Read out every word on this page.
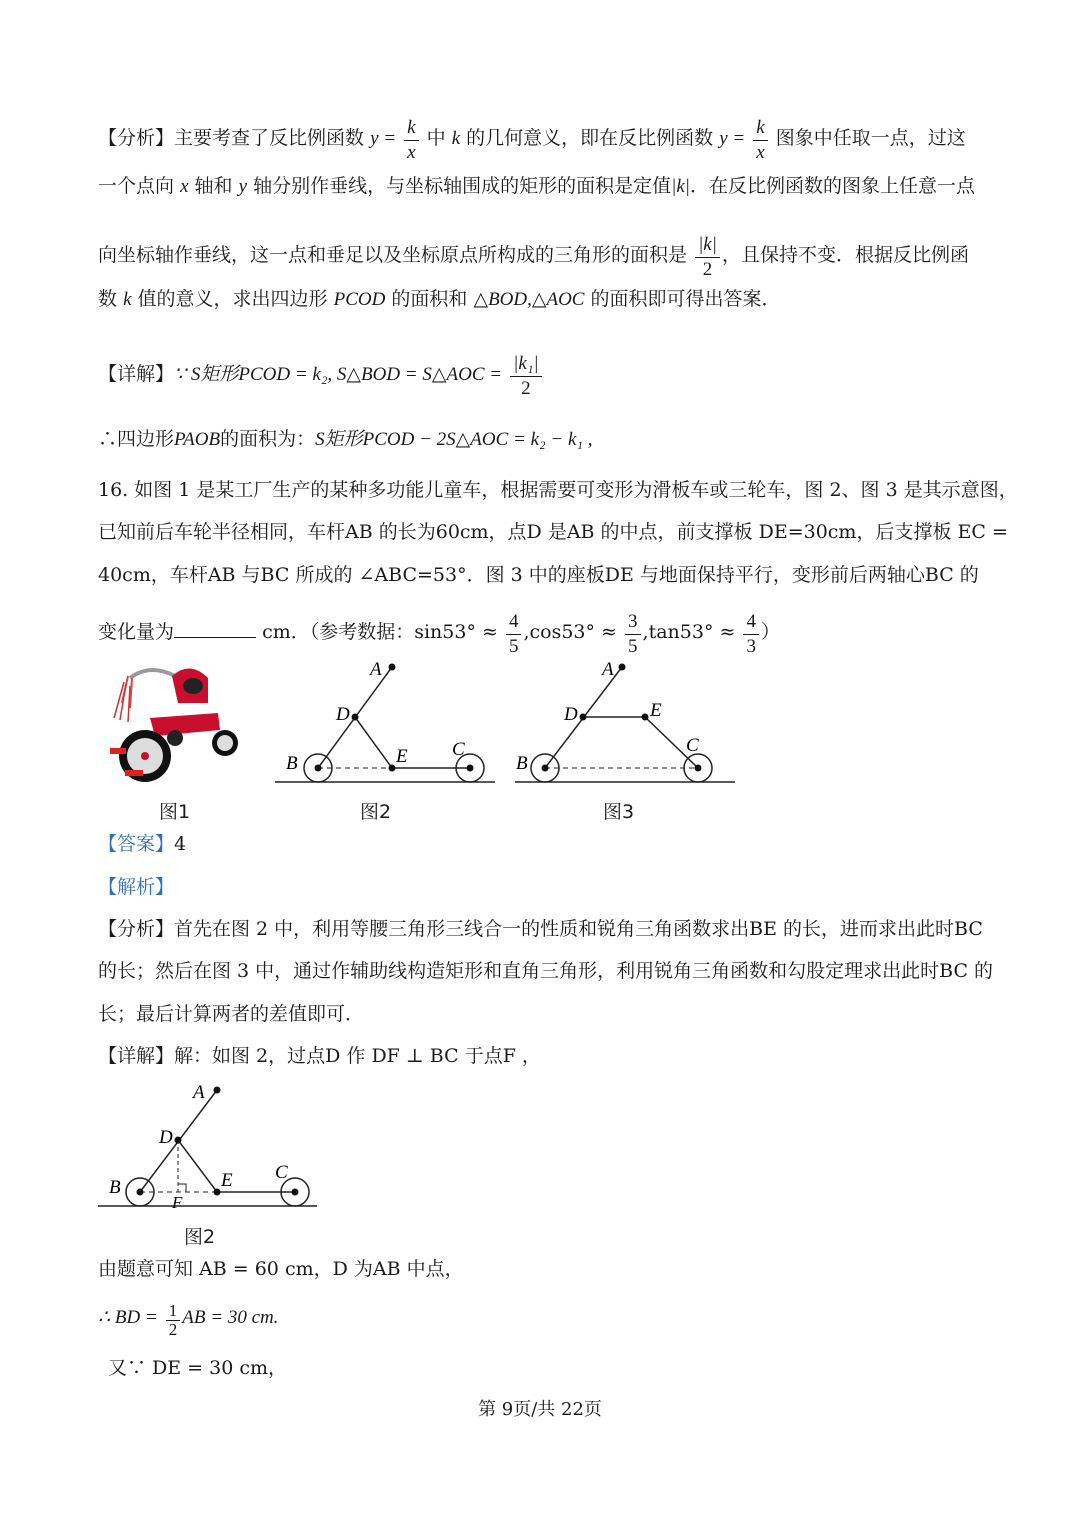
【分析】主要考查了反比例函数 $y = \frac{k}{x}$ 中 k 的几何意义，即在反比例函数 $y = \frac{k}{x}$ 图象中任取一点，过这
一个点向 x 轴和 y 轴分别作垂线，与坐标轴围成的矩形的面积是定值|k|．在反比例函数的图象上任意一点
向坐标轴作垂线，这一点和垂足以及坐标原点所构成的三角形的面积是 $\frac{|k|}{2}$ ，且保持不变．根据反比例函
数 k 值的意义，求出四边形 PCOD 的面积和 △BOD,△AOC 的面积即可得出答案．
【详解】∵ S矩形PCOD = k₂, S△BOD = S△AOC = $\frac{\text{|k₁|}}{2}$
∴四边形PAOB的面积为：S矩形PCOD − 2S△AOC = k₂ − k₁ ,
16. 如图 1 是某工厂生产的某种多功能儿童车，根据需要可变形为滑板车或三轮车，图 2、图 3 是其示意图，
已知前后车轮半径相同，车杆AB 的长为60cm，点D 是AB 的中点，前支撑板 DE=30cm，后支撑板 EC =
40cm，车杆AB 与BC 所成的 ∠ABC=53°．图 3 中的座板DE 与地面保持平行，变形前后两轴心BC 的
变化量为	cm．（参考数据：$\sin 53^\circ \approx \frac{4}{5} ,\cos 53^\circ \approx \frac{3}{5} ,\tan 53^\circ \approx \frac{4}{3}$ ）
图1
A
D
B	E C
图2
A
D	E
B
C
图3
【答案】4
【解析】
【分析】首先在图 2 中，利用等腰三角形三线合一的性质和锐角三角函数求出BE 的长，进而求出此时BC
的长；然后在图 3 中，通过作辅助线构造矩形和直角三角形，利用锐角三角函数和勾股定理求出此时BC 的
长；最后计算两者的差值即可．
【详解】解：如图 2，过点D 作 DF ⊥ BC 于点F ，
A
D
B	E C
F
图2
由题意可知 AB = 60 cm，D 为AB 中点，
∴ BD = $\frac{1}{2}$ AB = 30 cm.
又∵ DE = 30 cm，
第 9页/共 22页
